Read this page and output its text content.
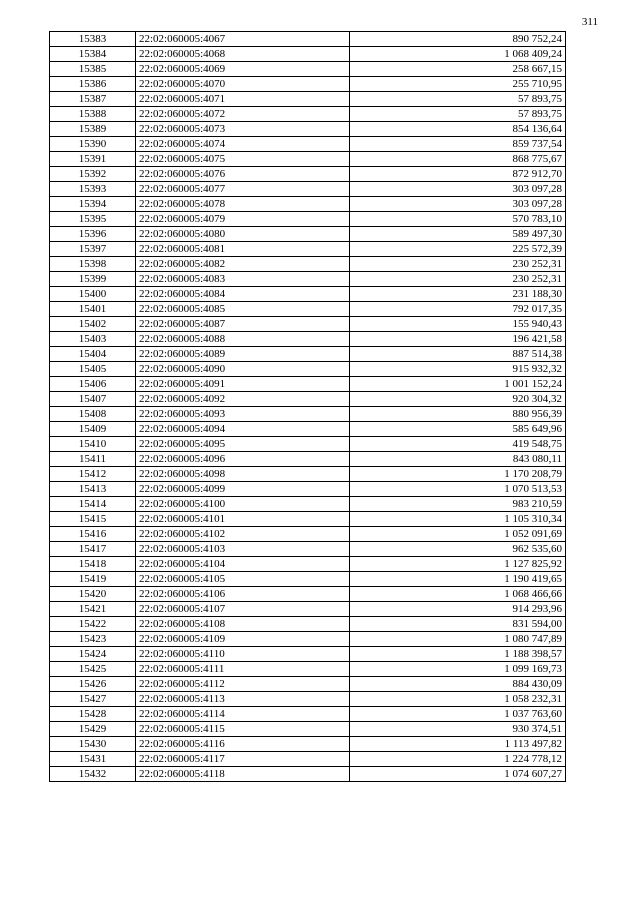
311
15383	22:02:060005:4067	890 752,24
15384	22:02:060005:4068	1 068 409,24
15385	22:02:060005:4069	258 667,15
15386	22:02:060005:4070	255 710,95
15387	22:02:060005:4071	57 893,75
15388	22:02:060005:4072	57 893,75
15389	22:02:060005:4073	854 136,64
15390	22:02:060005:4074	859 737,54
15391	22:02:060005:4075	868 775,67
15392	22:02:060005:4076	872 912,70
15393	22:02:060005:4077	303 097,28
15394	22:02:060005:4078	303 097,28
15395	22:02:060005:4079	570 783,10
15396	22:02:060005:4080	589 497,30
15397	22:02:060005:4081	225 572,39
15398	22:02:060005:4082	230 252,31
15399	22:02:060005:4083	230 252,31
15400	22:02:060005:4084	231 188,30
15401	22:02:060005:4085	792 017,35
15402	22:02:060005:4087	155 940,43
15403	22:02:060005:4088	196 421,58
15404	22:02:060005:4089	887 514,38
15405	22:02:060005:4090	915 932,32
15406	22:02:060005:4091	1 001 152,24
15407	22:02:060005:4092	920 304,32
15408	22:02:060005:4093	880 956,39
15409	22:02:060005:4094	585 649,96
15410	22:02:060005:4095	419 548,75
15411	22:02:060005:4096	843 080,11
15412	22:02:060005:4098	1 170 208,79
15413	22:02:060005:4099	1 070 513,53
15414	22:02:060005:4100	983 210,59
15415	22:02:060005:4101	1 105 310,34
15416	22:02:060005:4102	1 052 091,69
15417	22:02:060005:4103	962 535,60
15418	22:02:060005:4104	1 127 825,92
15419	22:02:060005:4105	1 190 419,65
15420	22:02:060005:4106	1 068 466,66
15421	22:02:060005:4107	914 293,96
15422	22:02:060005:4108	831 594,00
15423	22:02:060005:4109	1 080 747,89
15424	22:02:060005:4110	1 188 398,57
15425	22:02:060005:4111	1 099 169,73
15426	22:02:060005:4112	884 430,09
15427	22:02:060005:4113	1 058 232,31
15428	22:02:060005:4114	1 037 763,60
15429	22:02:060005:4115	930 374,51
15430	22:02:060005:4116	1 113 497,82
15431	22:02:060005:4117	1 224 778,12
15432	22:02:060005:4118	1 074 607,27
